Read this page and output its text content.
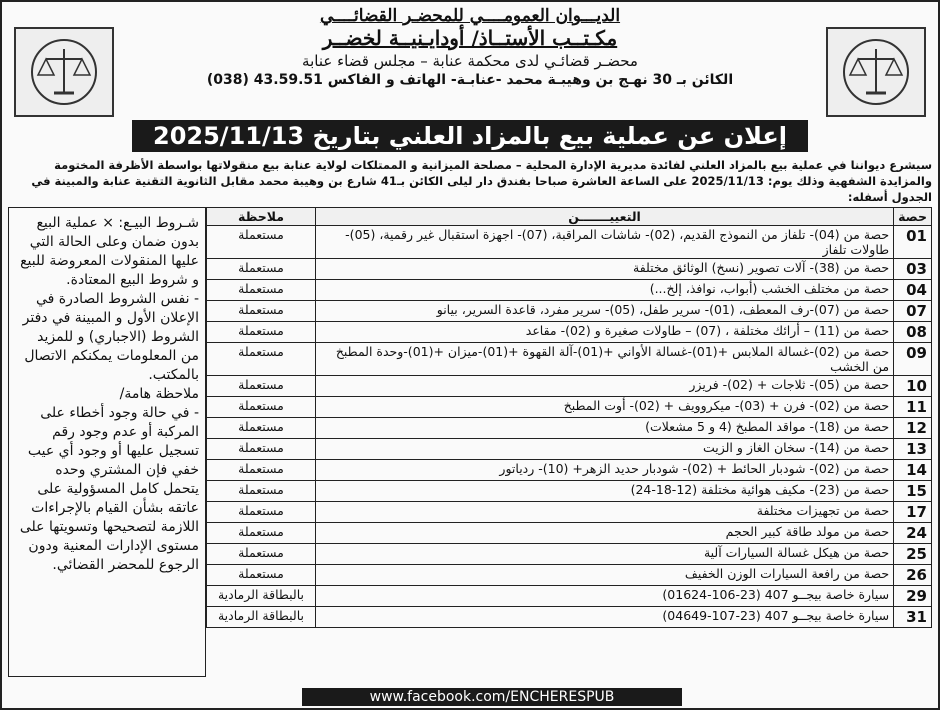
الديـــوان العمومــــي للمحضـر القضائــــي
مكـتــب الأستــاذ/ أودايـنيــة لخضــر
محضـر قضائـي لدى محكمة عنابة – مجلس قضاء عنابة
الكائن بـ 30 نهـج بن وهيبـة محمد -عنابـة- الهاتف و الفاكس 43.59.51 (038)
إعلان عن عملية بيع بالمزاد العلني بتاريخ 2025/11/13
سيشرع ديواننا في عملية بيع بالمزاد العلني لفائدة مديرية الإدارة المحلية – مصلحة الميزانية و الممتلكات لولاية عنابة بيع منقولاتها بواسطة الأظرفة المختومة والمزايدة الشفهية وذلك يوم: 2025/11/13 على الساعة العاشرة صباحا بفندق دار ليلى الكائن بـ41 شارع بن وهيبة محمد مقابل الثانوية التقنية عنابة والمبينة في الجدول أسفله:
حصة	التعييـــــــن	ملاحظة
01	حصة من (04)- تلفاز من النموذج القديم، (02)- شاشات المراقبة، (07)- اجهزة استقبال غير رقمية، (05)- طاولات تلفاز	مستعملة
03	حصة من (38)- آلات تصوير (نسخ) الوثائق مختلفة	مستعملة
04	حصة من مختلف الخشب (أبواب، نوافذ، إلخ...)	مستعملة
07	حصة من (07)-رف المعطف، (01)- سرير طفل، (05)- سرير مفرد، قاعدة السرير، بيانو	مستعملة
08	حصة من (11) – أرائك مختلفة ، (07) – طاولات صغيرة و (02)- مقاعد	مستعملة
09	حصة من (02)-غسالة الملابس +(01)-غسالة الأواني +(01)-آلة القهوة +(01)-ميزان +(01)-وحدة المطبخ من الخشب	مستعملة
10	حصة من (05)- ثلاجات + (02)- فريزر	مستعملة
11	حصة من (02)- فرن + (03)- ميكروويف + (02)- أوت المطبخ	مستعملة
12	حصة من (18)- مواقد المطبخ (4 و 5 مشعلات)	مستعملة
13	حصة من (14)- سخان الغاز و الزيت	مستعملة
14	حصة من (02)- شودبار الحائط + (02)- شودبار حديد الزهر+ (10)- ردياتور	مستعملة
15	حصة من (23)- مكيف هوائية مختلفة (12-18-24)	مستعملة
17	حصة من تجهيزات مختلفة	مستعملة
24	حصة من مولد طاقة كبير الحجم	مستعملة
25	حصة من هيكل غسالة السيارات آلية	مستعملة
26	حصة من رافعة السيارات الوزن الخفيف	مستعملة
29	سيارة خاصة بيجــو 407 (23-106-01624)	بالبطاقة الرمادية
31	سيارة خاصة بيجــو 407 (23-107-04649)	بالبطاقة الرمادية
شـروط البيـع: × عملية البيع بدون ضمان وعلى الحالة التي عليها المنقولات المعروضة للبيع و شروط البيع المعتادة.
- نفس الشروط الصادرة في الإعلان الأول و المبينة في دفتر الشروط (الاجباري) و للمزيد من المعلومات يمكنكم الاتصال بالمكتب.
ملاحظة هامة/
- في حالة وجود أخطاء على المركبة أو عدم وجود رقم تسجيل عليها أو وجود أي عيب خفي فإن المشتري وحده يتحمل كامل المسؤولية على عاتقه بشأن القيام بالإجراءات اللازمة لتصحيحها وتسويتها على مستوى الإدارات المعنية ودون الرجوع للمحضر القضائي.
www.facebook.com/ENCHERESPUB
